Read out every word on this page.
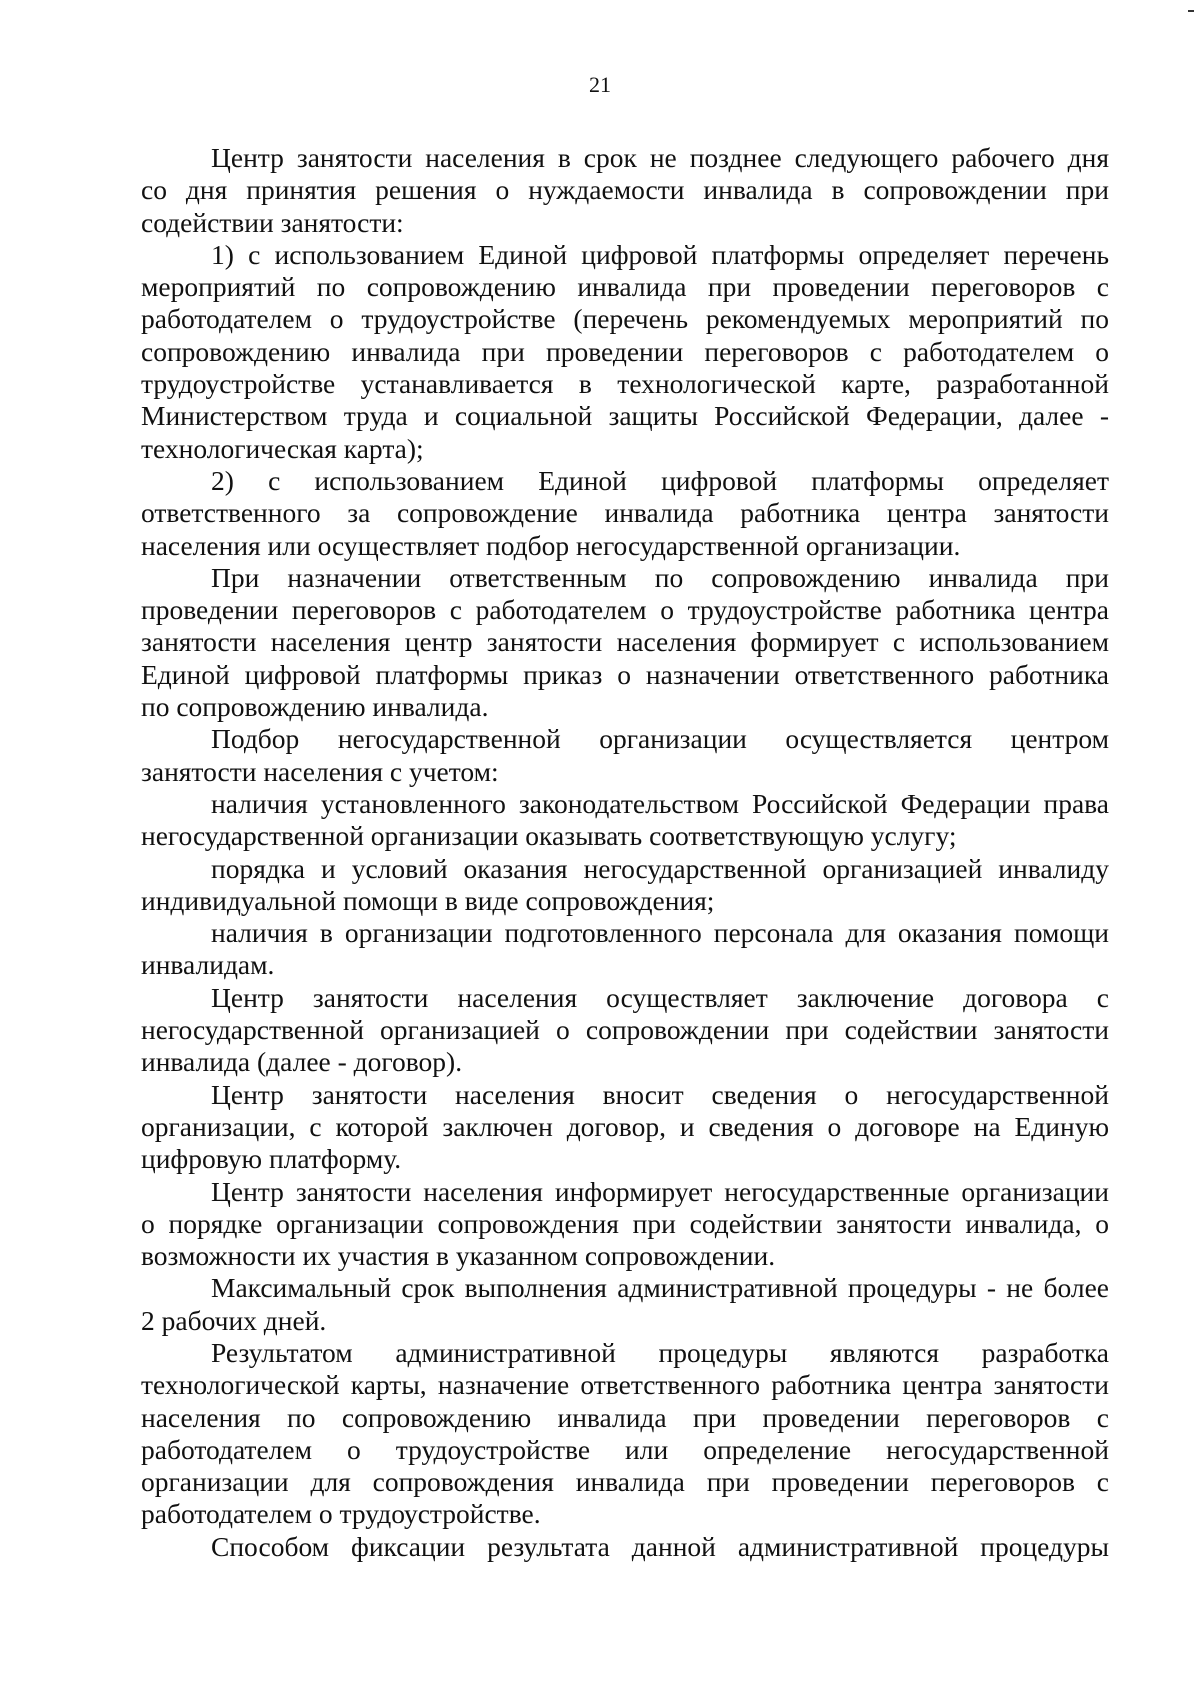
21
Центр занятости населения в срок не позднее следующего рабочего дня
со дня принятия решения о нуждаемости инвалида в сопровождении при
содействии занятости:
1) с использованием Единой цифровой платформы определяет перечень
мероприятий по сопровождению инвалида при проведении переговоров с
работодателем о трудоустройстве (перечень рекомендуемых мероприятий по
сопровождению инвалида при проведении переговоров с работодателем о
трудоустройстве устанавливается в технологической карте, разработанной
Министерством труда и социальной защиты Российской Федерации, далее -
технологическая карта);
2) с использованием Единой цифровой платформы определяет
ответственного за сопровождение инвалида работника центра занятости
населения или осуществляет подбор негосударственной организации.
При назначении ответственным по сопровождению инвалида при
проведении переговоров с работодателем о трудоустройстве работника центра
занятости населения центр занятости населения формирует с использованием
Единой цифровой платформы приказ о назначении ответственного работника
по сопровождению инвалида.
Подбор негосударственной организации осуществляется центром
занятости населения с учетом:
наличия установленного законодательством Российской Федерации права
негосударственной организации оказывать соответствующую услугу;
порядка и условий оказания негосударственной организацией инвалиду
индивидуальной помощи в виде сопровождения;
наличия в организации подготовленного персонала для оказания помощи
инвалидам.
Центр занятости населения осуществляет заключение договора с
негосударственной организацией о сопровождении при содействии занятости
инвалида (далее - договор).
Центр занятости населения вносит сведения о негосударственной
организации, с которой заключен договор, и сведения о договоре на Единую
цифровую платформу.
Центр занятости населения информирует негосударственные организации
о порядке организации сопровождения при содействии занятости инвалида, о
возможности их участия в указанном сопровождении.
Максимальный срок выполнения административной процедуры - не более
2 рабочих дней.
Результатом административной процедуры являются разработка
технологической карты, назначение ответственного работника центра занятости
населения по сопровождению инвалида при проведении переговоров с
работодателем о трудоустройстве или определение негосударственной
организации для сопровождения инвалида при проведении переговоров с
работодателем о трудоустройстве.
Способом фиксации результата данной административной процедуры
